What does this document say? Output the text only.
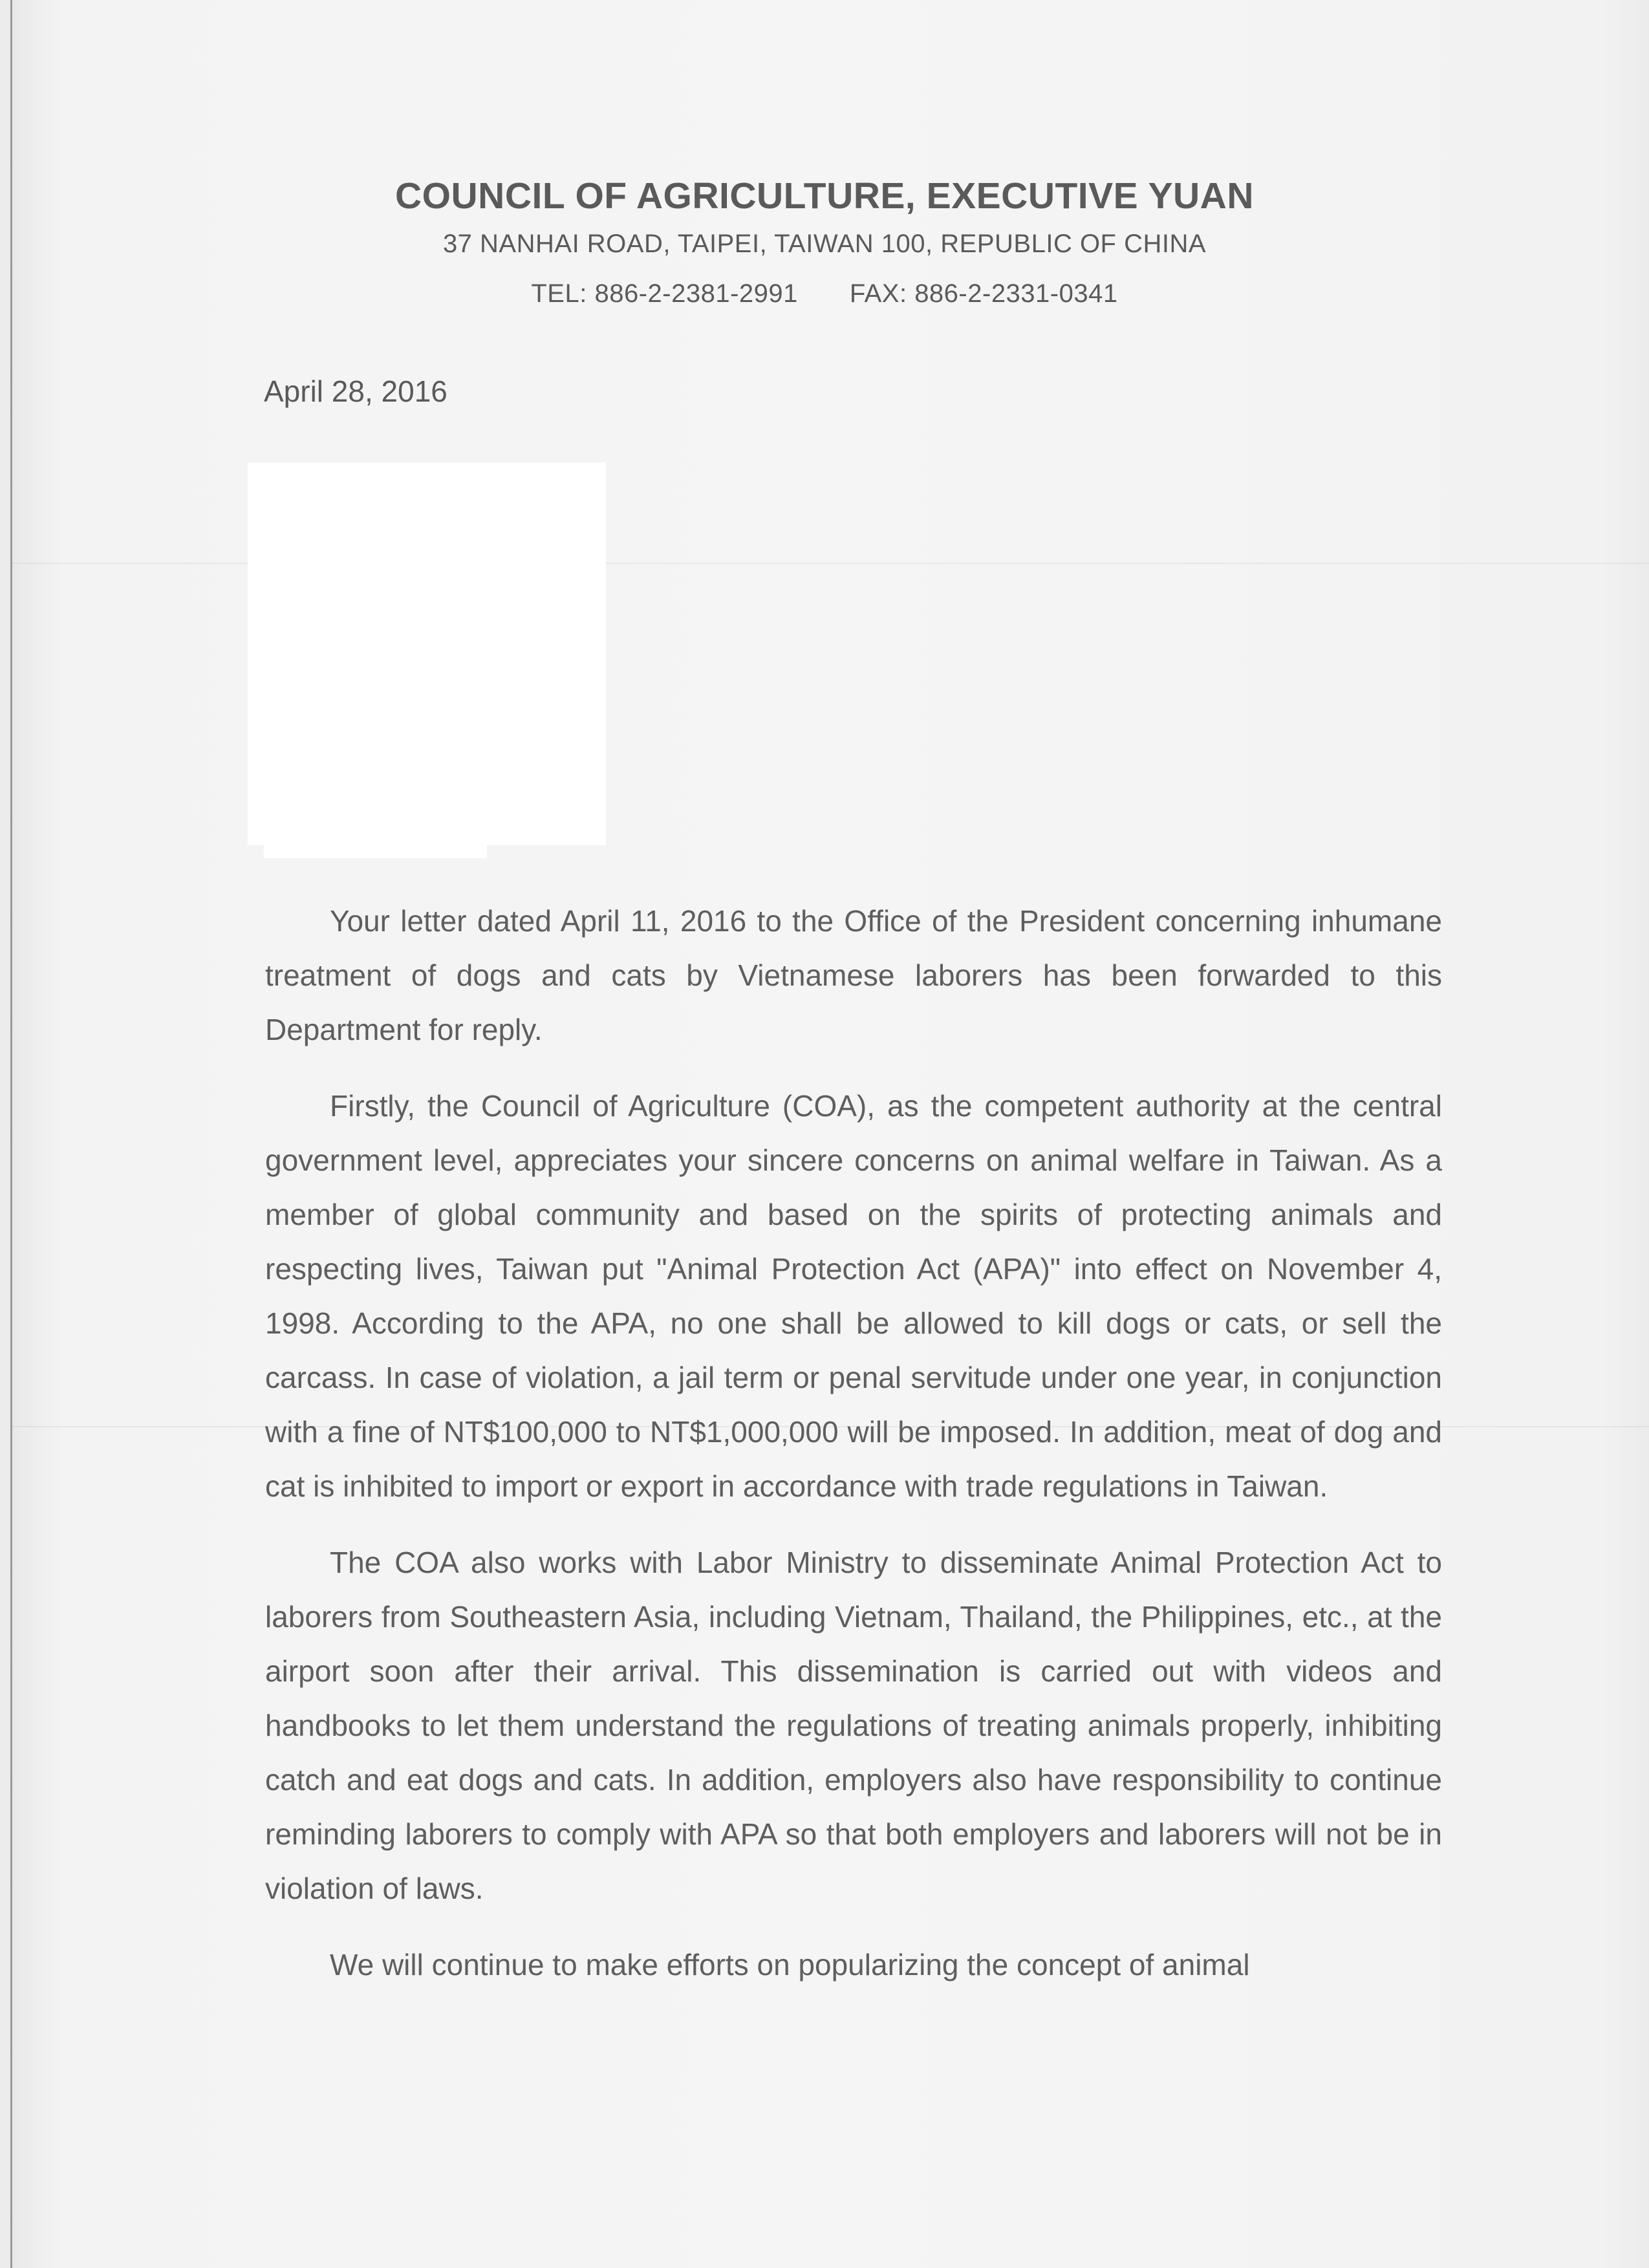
COUNCIL OF AGRICULTURE, EXECUTIVE YUAN
37 NANHAI ROAD, TAIPEI, TAIWAN 100, REPUBLIC OF CHINA
TEL: 886-2-2381-2991 FAX: 886-2-2331-0341
April 28, 2016

Your letter dated April 11, 2016 to the Office of the President concerning inhumane treatment of dogs and cats by Vietnamese laborers has been forwarded to this Department for reply.

Firstly, the Council of Agriculture (COA), as the competent authority at the central government level, appreciates your sincere concerns on animal welfare in Taiwan. As a member of global community and based on the spirits of protecting animals and respecting lives, Taiwan put "Animal Protection Act (APA)" into effect on November 4, 1998. According to the APA, no one shall be allowed to kill dogs or cats, or sell the carcass. In case of violation, a jail term or penal servitude under one year, in conjunction with a fine of NT$100,000 to NT$1,000,000 will be imposed. In addition, meat of dog and cat is inhibited to import or export in accordance with trade regulations in Taiwan.

The COA also works with Labor Ministry to disseminate Animal Protection Act to laborers from Southeastern Asia, including Vietnam, Thailand, the Philippines, etc., at the airport soon after their arrival. This dissemination is carried out with videos and handbooks to let them understand the regulations of treating animals properly, inhibiting catch and eat dogs and cats. In addition, employers also have responsibility to continue reminding laborers to comply with APA so that both employers and laborers will not be in violation of laws.

We will continue to make efforts on popularizing the concept of animal
